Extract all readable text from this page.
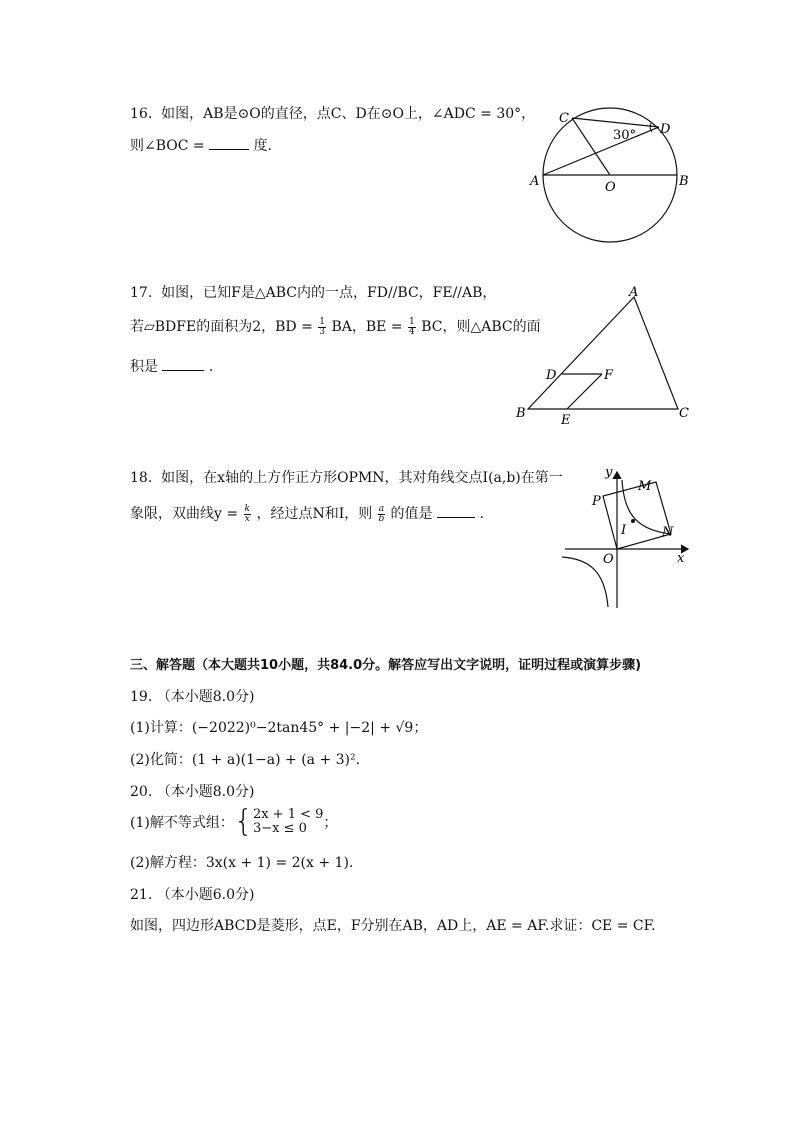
16. 如图，AB是⊙O的直径，点C、D在⊙O上，∠ADC = 30°，
则∠BOC =	度.
C
D
A	B
O
30°
17. 如图，已知F是△ABC内的一点，FD//BC，FE//AB，
若▱BDFE的面积为2，BD = $\frac{1}{3}$ BA，BE = $\frac{1}{4}$ BC，则△ABC的面
积是	.
A
B	C
D
E
F
18. 如图，在x轴的上方作正方形OPMN，其对角线交点I(a,b)在第一
象限，双曲线$y = \frac{k}{x}$ ，经过点N和I，则 $\frac{a}{b}$ 的值是	.
y
x
O
P
M
N
I
三、解答题（本大题共10小题，共84.0分。解答应写出文字说明，证明过程或演算步骤)
19. （本小题8.0分)
(1)计算：(−2022)⁰−2tan45° + |−2| + √9；
(2)化简：(1 + a)(1−a) + (a + 3)².
20. （本小题8.0分)
(1)解不等式组：{ 2x + 1 < 9
3−x ≤ 0	；
(2)解方程：3x(x + 1) = 2(x + 1).
21. （本小题6.0分)
如图，四边形ABCD是菱形，点E，F分别在AB，AD上，AE = AF.求证：CE = CF.
